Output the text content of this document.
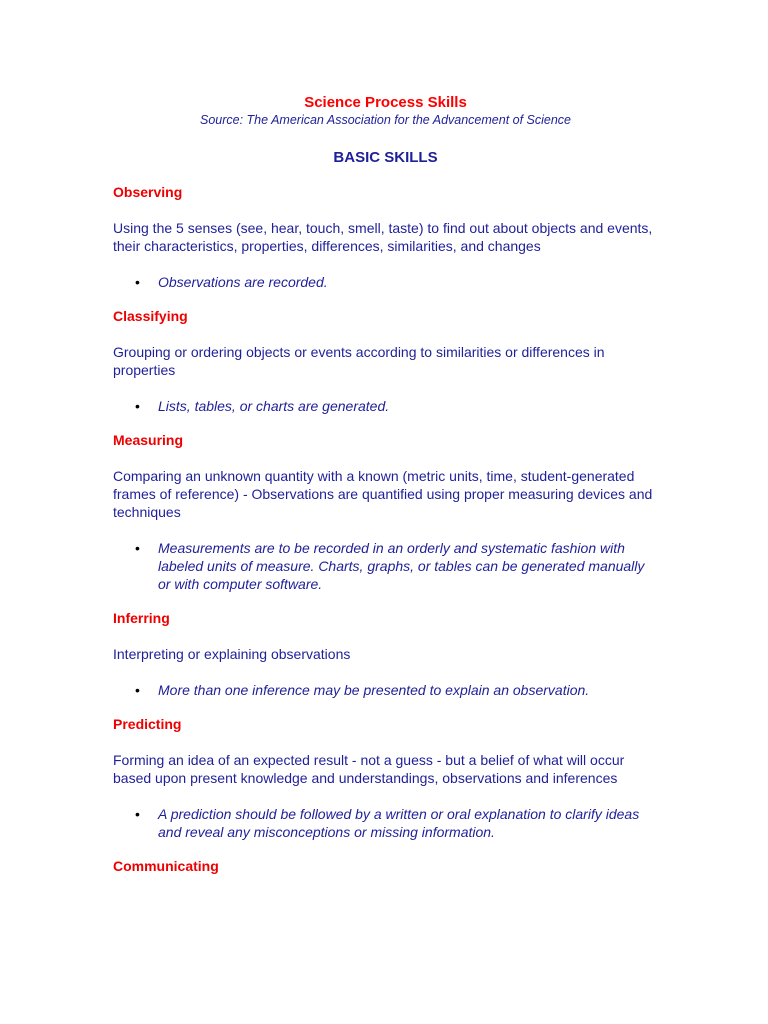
Science Process Skills

Source: The American Association for the Advancement of Science

BASIC SKILLS

Observing

Using the 5 senses (see, hear, touch, smell, taste) to find out about objects and events, their characteristics, properties, differences, similarities, and changes

• Observations are recorded.

Classifying

Grouping or ordering objects or events according to similarities or differences in properties

• Lists, tables, or charts are generated.

Measuring

Comparing an unknown quantity with a known (metric units, time, student-generated frames of reference) - Observations are quantified using proper measuring devices and techniques

• Measurements are to be recorded in an orderly and systematic fashion with labeled units of measure. Charts, graphs, or tables can be generated manually or with computer software.

Inferring

Interpreting or explaining observations

• More than one inference may be presented to explain an observation.

Predicting

Forming an idea of an expected result - not a guess - but a belief of what will occur based upon present knowledge and understandings, observations and inferences

• A prediction should be followed by a written or oral explanation to clarify ideas and reveal any misconceptions or missing information.

Communicating
